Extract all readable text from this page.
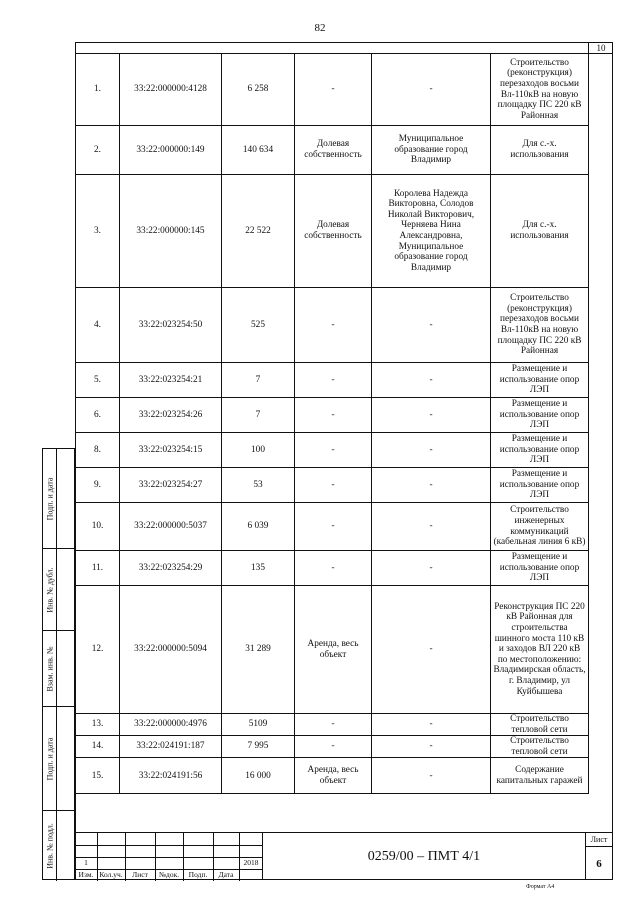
82
10
1.	33:22:000000:4128	6 258	-	-	Строительство (реконструкция) перезаходов восьми Вл-110кВ на новую площадку ПС 220 кВ Районная
2.	33:22:000000:149	140 634	Долевая собственность	Муниципальное образование город Владимир	Для с.-х. использования
3.	33:22:000000:145	22 522	Долевая собственность	Королева Надежда Викторовна, Солодов Николай Викторович, Черняева Нина Александровна, Муниципальное образование город Владимир	Для с.-х. использования
4.	33:22:023254:50	525	-	-	Строительство (реконструкция) перезаходов восьми Вл-110кВ на новую площадку ПС 220 кВ Районная
5.	33:22:023254:21	7	-	-	Размещение и использование опор ЛЭП
6.	33:22:023254:26	7	-	-	Размещение и использование опор ЛЭП
8.	33:22:023254:15	100	-	-	Размещение и использование опор ЛЭП
9.	33:22:023254:27	53	-	-	Размещение и использование опор ЛЭП
10.	33:22:000000:5037	6 039	-	-	Строительство инженерных коммуникаций (кабельная линия 6 кВ)
11.	33:22:023254:29	135	-	-	Размещение и использование опор ЛЭП
12.	33:22:000000:5094	31 289	Аренда, весь объект	-	Реконструкция ПС 220 кВ Районная для строительства шинного моста 110 кВ и заходов ВЛ 220 кВ по местоположению: Владимирская область, г. Владимир, ул Куйбышева
13.	33:22:000000:4976	5109	-	-	Строительство тепловой сети
14.	33:22:024191:187	7 995	-	-	Строительство тепловой сети
15.	33:22:024191:56	16 000	Аренда, весь объект	-	Содержание капитальных гаражей
Подп. и дата
Инв. № дубл.
Взам. инв. №
Подп. и дата
Инв. № подл.	1	2018
Изм. Кол.уч.	Лист	№док.	Подп.	Дата
0259/00 – ПМТ 4/1
Лист
6
Формат А4
